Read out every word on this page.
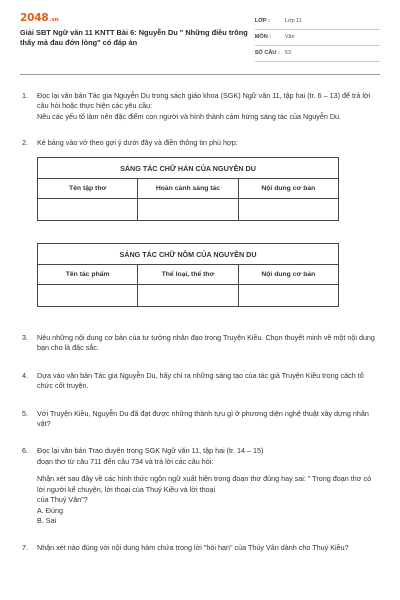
2048.vn
Giải SBT Ngữ văn 11 KNTT Bài 6: Nguyễn Du " Những điều trông thấy mà đau đớn lòng" có đáp án
LỚP :	Lớp 11
MÔN :	Văn
SỐ CÂU : 53
1.	Đọc lại văn bản Tác gia Nguyễn Du trong sách giáo khoa (SGK) Ngữ văn 11, tập hai (tr. 6 – 13) để trả lời câu hỏi hoặc thực hiện các yêu cầu:
Nêu các yếu tố làm nên đặc điểm con người và hình thành cảm hứng sáng tác của Nguyễn Du.
2.	Kẻ bảng vào vở theo gợi ý dưới đây và điền thông tin phù hợp:
SÁNG TÁC CHỮ HÁN CỦA NGUYỄN DU
Tên tập thơ	Hoàn cảnh sáng tác	Nội dung cơ bản
SÁNG TÁC CHỮ NÔM CỦA NGUYỄN DU
Tên tác phẩm	Thể loại, thể thơ	Nội dung cơ bản
3.	Nêu những nội dung cơ bản của tư tưởng nhân đạo trong Truyện Kiều. Chọn thuyết minh về một nội dung bạn cho là đặc sắc.
4.	Dựa vào văn bản Tác gia Nguyễn Du, hãy chỉ ra những sáng tạo của tác giả Truyện Kiều trong cách tổ chức cốt truyện.
5.	Với Truyện Kiều, Nguyễn Du đã đạt được những thành tựu gì ở phương diện nghệ thuật xây dựng nhân vật?
6.	Đọc lại văn bản Trao duyên trong SGK Ngữ văn 11, tập hai (tr. 14 – 15)
đoạn thơ từ câu 711 đến câu 734 và trả lời các câu hỏi:
Nhận xét sau đây về các hình thức ngôn ngữ xuất hiện trong đoạn thơ đúng hay sai: " Trong đoạn thơ có lời người kể chuyện, lời thoại của Thuý Kiều và lời thoại
của Thuý Vân"?
A. Đúng
B. Sai
7.	Nhận xét nào đúng với nội dung hàm chứa trong lời "hỏi hạn" của Thúy Vân dành cho Thuý Kiều?
